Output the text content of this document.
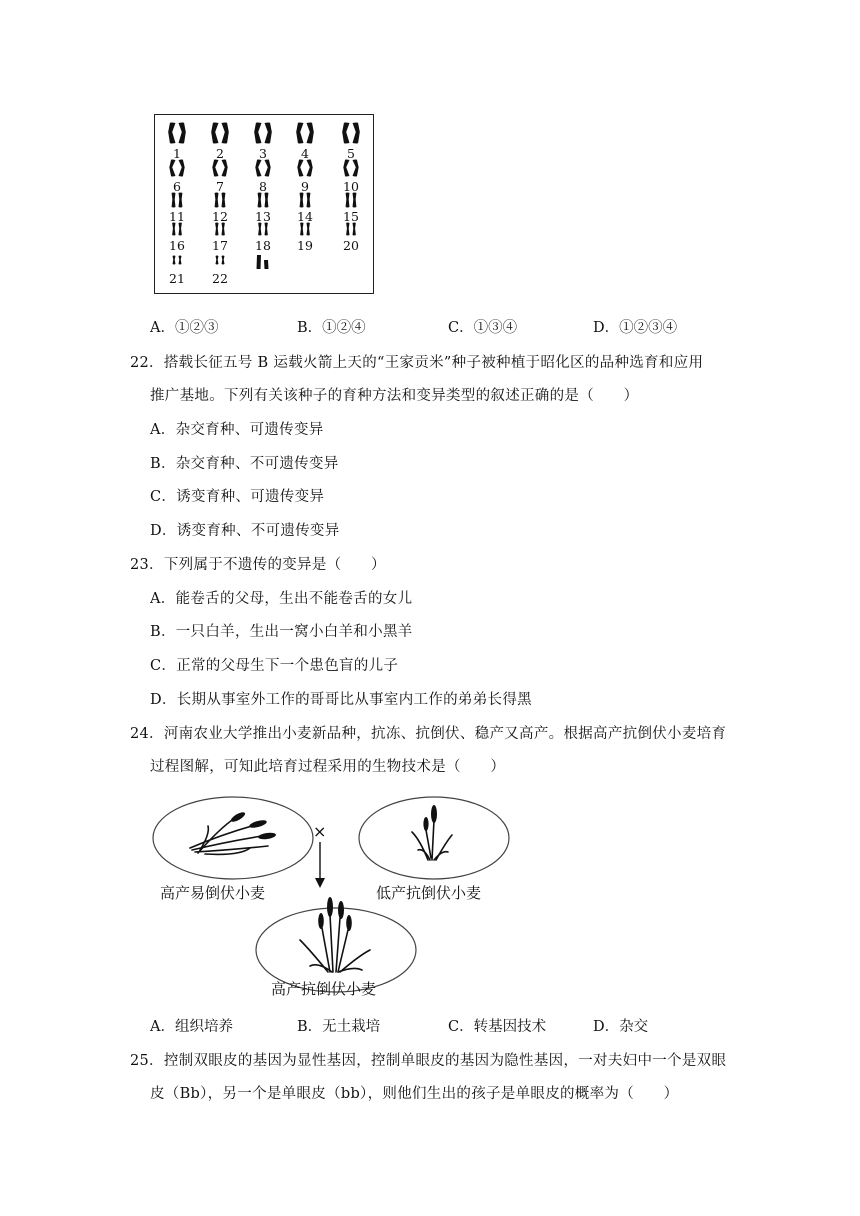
1	2	3	4	5
6	7	8	9	10
11 12 13 14 15
16 17 18 19 20
21 22
A．①②③	B．①②④	C．①③④	D．①②③④
22．搭载长征五号 B 运载火箭上天的“王家贡米”种子被种植于昭化区的品种选育和应用
推广基地。下列有关该种子的育种方法和变异类型的叙述正确的是（　　）
A．杂交育种、可遗传变异
B．杂交育种、不可遗传变异
C．诱变育种、可遗传变异
D．诱变育种、不可遗传变异
23．下列属于不遗传的变异是（　　）
A．能卷舌的父母，生出不能卷舌的女儿
B．一只白羊，生出一窝小白羊和小黑羊
C．正常的父母生下一个患色盲的儿子
D．长期从事室外工作的哥哥比从事室内工作的弟弟长得黑
24．河南农业大学推出小麦新品种，抗冻、抗倒伏、稳产又高产。根据高产抗倒伏小麦培育
过程图解，可知此培育过程采用的生物技术是（　　）
×
高产易倒伏小麦	低产抗倒伏小麦
高产抗倒伏小麦
A．组织培养	B．无土栽培	C．转基因技术	D．杂交
25．控制双眼皮的基因为显性基因，控制单眼皮的基因为隐性基因，一对夫妇中一个是双眼
皮（Bb），另一个是单眼皮（bb），则他们生出的孩子是单眼皮的概率为（　　）
